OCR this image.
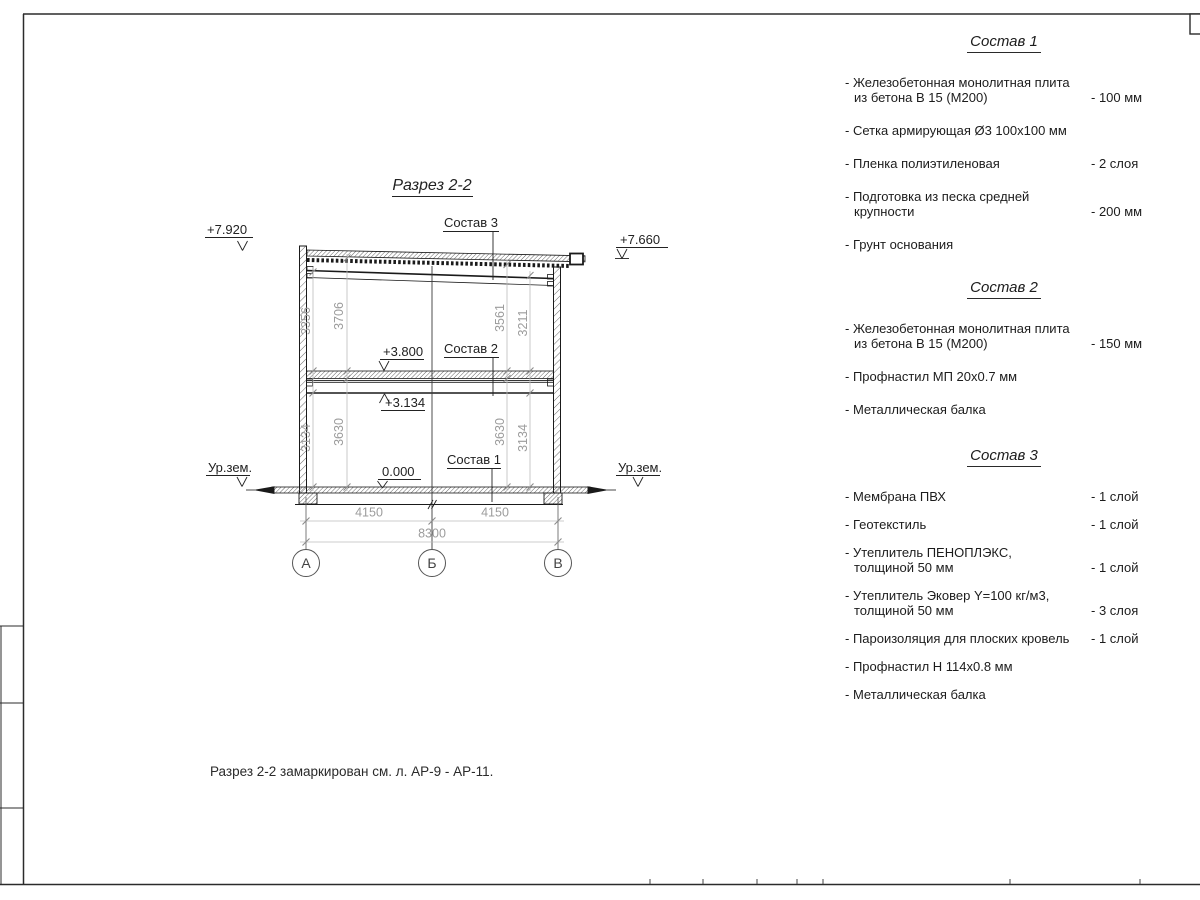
Разрез 2-2
А	Б	В
3356 3706	3561 3211
3134 3630	3630 3134
4150	4150
8300
+7.920
+7.660
+3.800
+3.134
0.000
Ур.зем.	Ур.зем.
Состав 3
Состав 2
Состав 1
Состав 1
- Железобетонная монолитная плита
из бетона В 15 (М200)	- 100 мм
- Сетка армирующая Ø3 100х100 мм
- Пленка полиэтиленовая	- 2 слоя
- Подготовка из песка средней
крупности	- 200 мм
- Грунт основания
Состав 2
- Железобетонная монолитная плита
из бетона В 15 (М200)	- 150 мм
- Профнастил МП 20х0.7 мм
- Металлическая балка
Состав 3
- Мембрана ПВХ	- 1 слой
- Геотекстиль	- 1 слой
- Утеплитель ПЕНОПЛЭКС,
толщиной 50 мм	- 1 слой
- Утеплитель Эковер Y=100 кг/м3,
толщиной 50 мм	- 3 слоя
- Пароизоляция для плоских кровель	- 1 слой
- Профнастил Н 114х0.8 мм
- Металлическая балка
Разрез 2-2 замаркирован см. л. АР-9 - АР-11.
